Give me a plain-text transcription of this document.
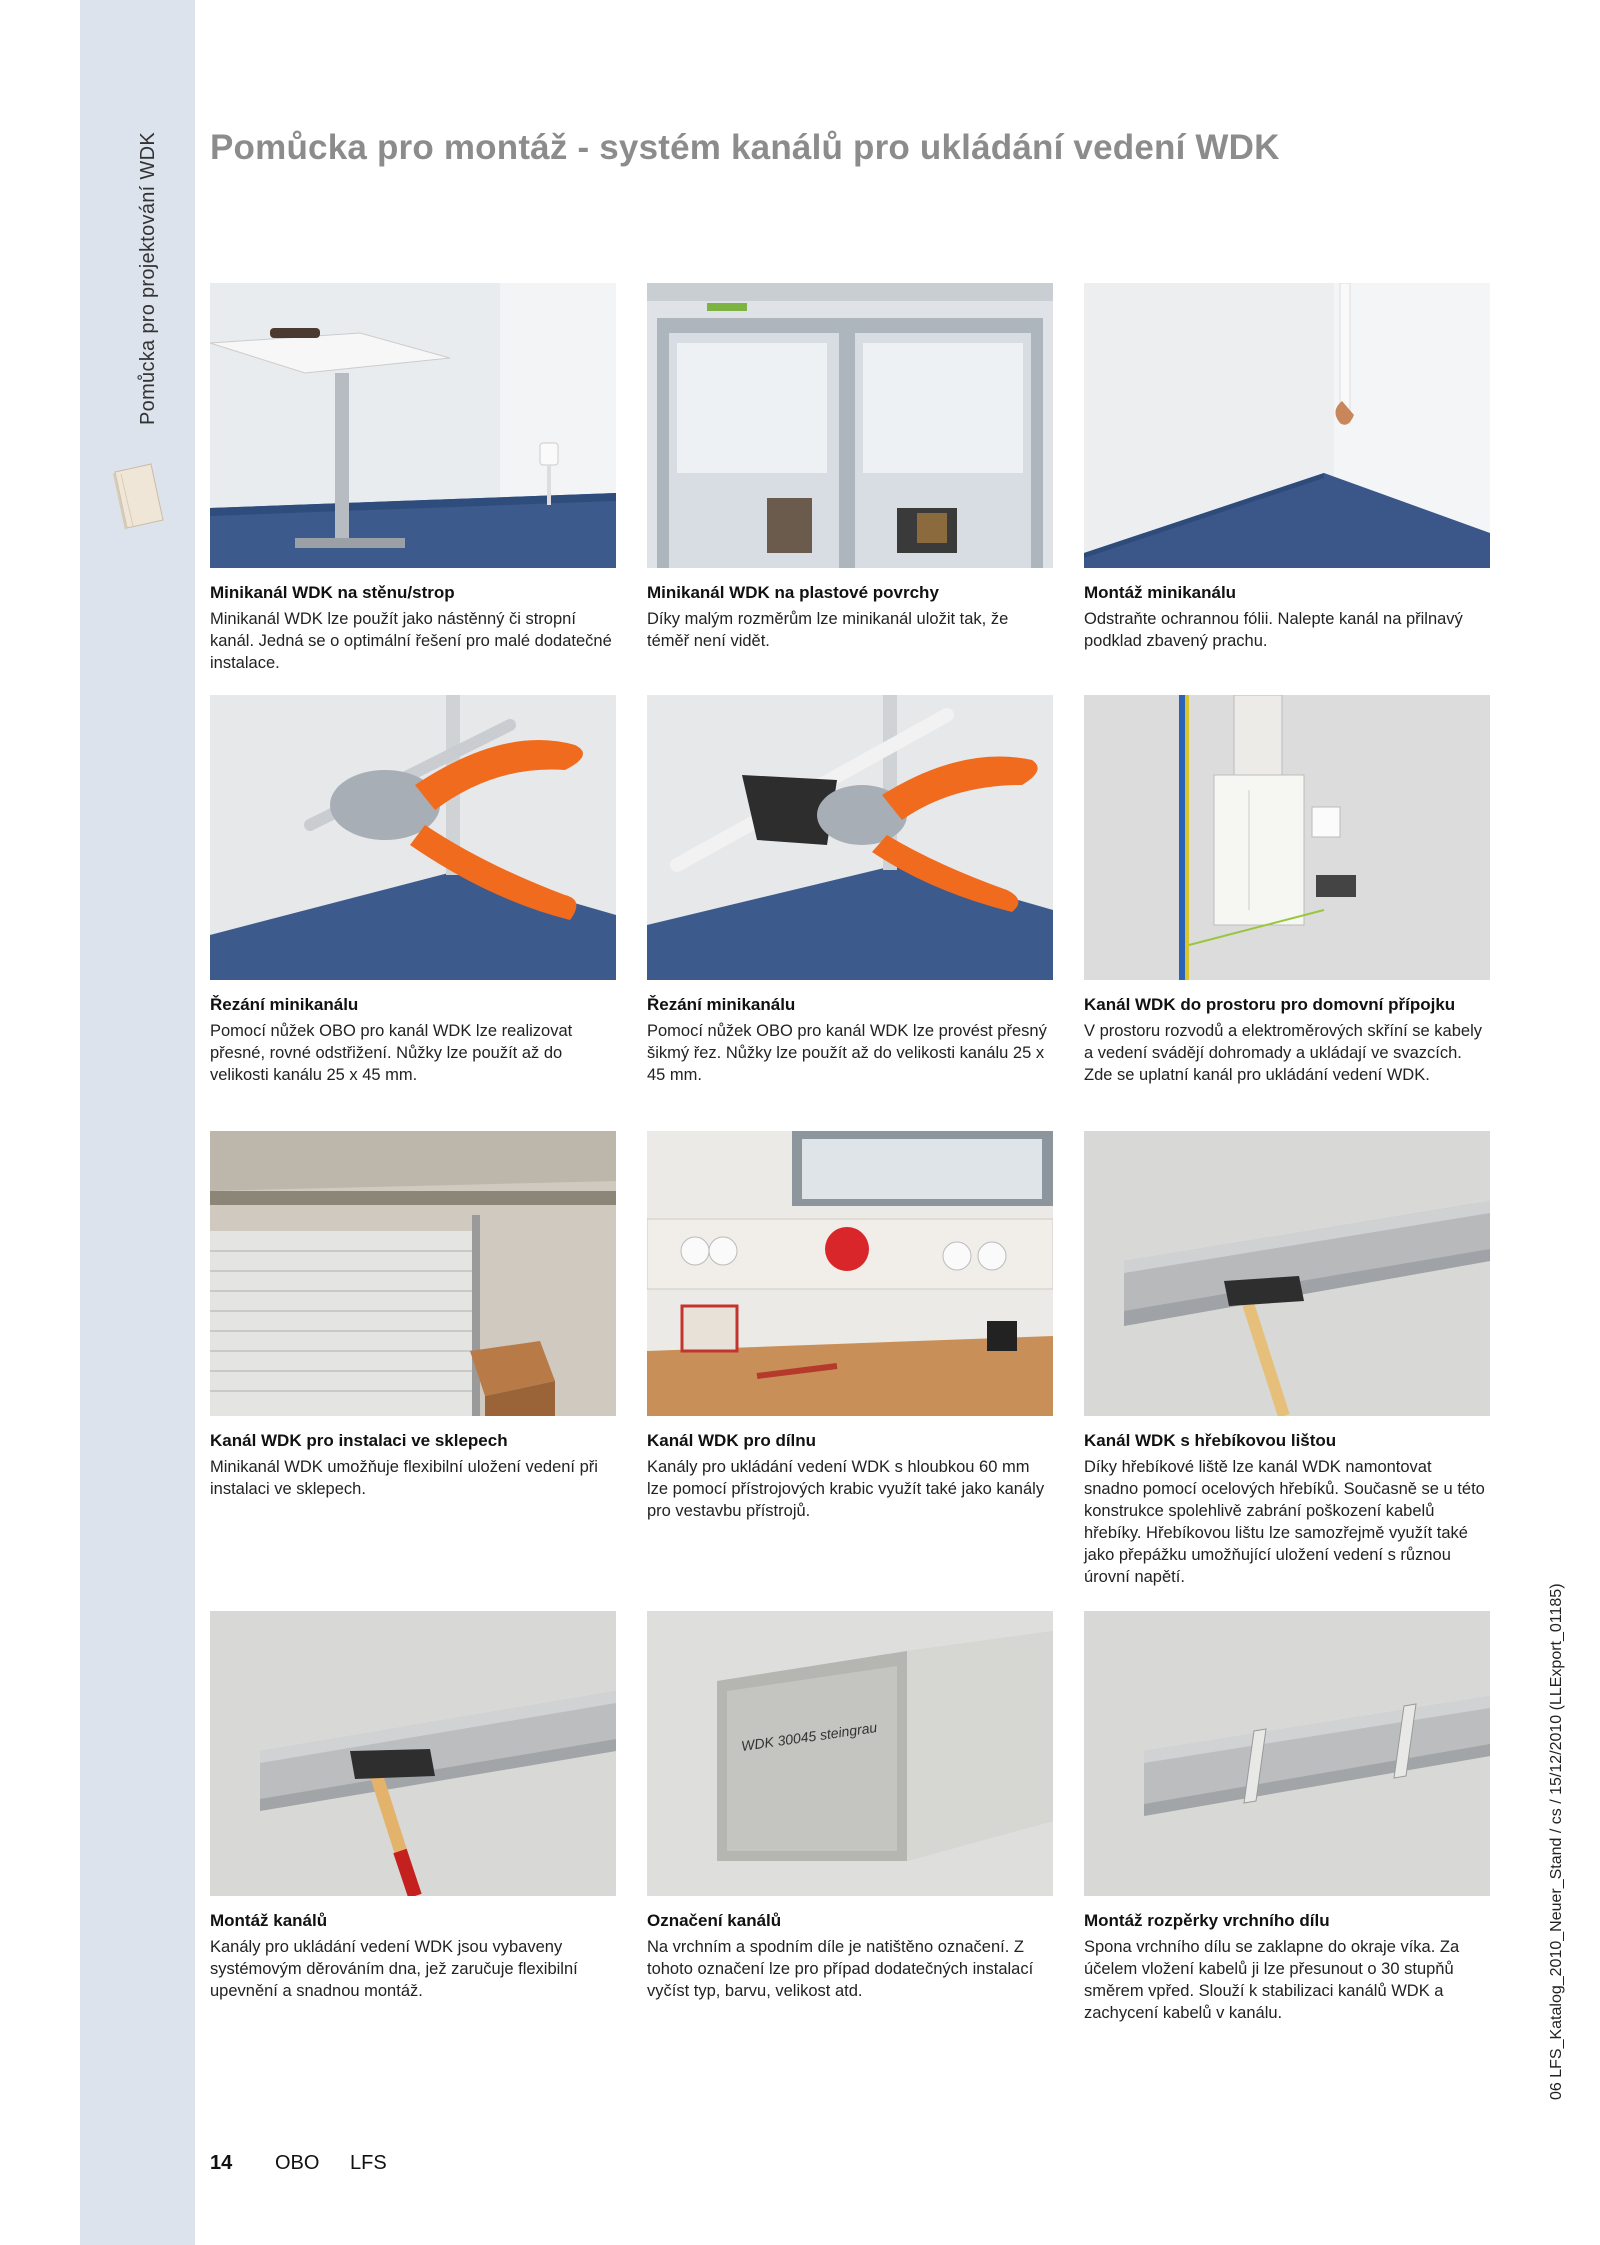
Pomůcka pro projektování WDK Pomůcka pro montáž - systém kanálů pro ukládání vedení WDK
Minikanál WDK na stěnu/strop

Minikanál WDK lze použít jako nástěnný či stropní kanál. Jedná se o optimální řešení pro malé dodatečné instalace.

Minikanál WDK na plastové povrchy

Díky malým rozměrům lze minikanál uložit tak, že téměř není vidět.

Montáž minikanálu

Odstraňte ochrannou fólii. Nalepte kanál na přilnavý podklad zbavený prachu.

Řezání minikanálu

Pomocí nůžek OBO pro kanál WDK lze realizovat přesné, rovné odstřižení. Nůžky lze použít až do velikosti kanálu 25 x 45 mm.

Řezání minikanálu

Pomocí nůžek OBO pro kanál WDK lze provést přesný šikmý řez. Nůžky lze použít až do velikosti kanálu 25 x 45 mm.

Kanál WDK do prostoru pro domovní přípojku

V prostoru rozvodů a elektroměrových skříní se kabely a vedení svádějí dohromady a ukládají ve svazcích. Zde se uplatní kanál pro ukládání vedení WDK.

Kanál WDK pro instalaci ve sklepech

Minikanál WDK umožňuje flexibilní uložení vedení při instalaci ve sklepech.

Kanál WDK pro dílnu

Kanály pro ukládání vedení WDK s hloubkou 60 mm lze pomocí přístrojových krabic využít také jako kanály pro vestavbu přístrojů.

Kanál WDK s hřebíkovou lištou

Díky hřebíkové liště lze kanál WDK namontovat snadno pomocí ocelových hřebíků. Současně se u této konstrukce spolehlivě zabrání poškození kabelů hřebíky. Hřebíkovou lištu lze samozřejmě využít také jako přepážku umožňující uložení vedení s různou úrovní napětí.

Montáž kanálů

Kanály pro ukládání vedení WDK jsou vybaveny systémovým děrováním dna, jež zaručuje flexibilní upevnění a snadnou montáž.

WDK 30045 steingrau
Označení kanálů

Na vrchním a spodním díle je natištěno označení. Z tohoto označení lze pro případ dodatečných instalací vyčíst typ, barvu, velikost atd.

Montáž rozpěrky vrchního dílu

Spona vrchního dílu se zaklapne do okraje víka. Za účelem vložení kabelů ji lze přesunout o 30 stupňů směrem vpřed. Slouží k stabilizaci kanálů WDK a zachycení kabelů v kanálu.	06 LFS_Katalog_2010_Neuer_Stand / cs / 15/12/2010 (LLExport_01185)
14 OBO LFS
